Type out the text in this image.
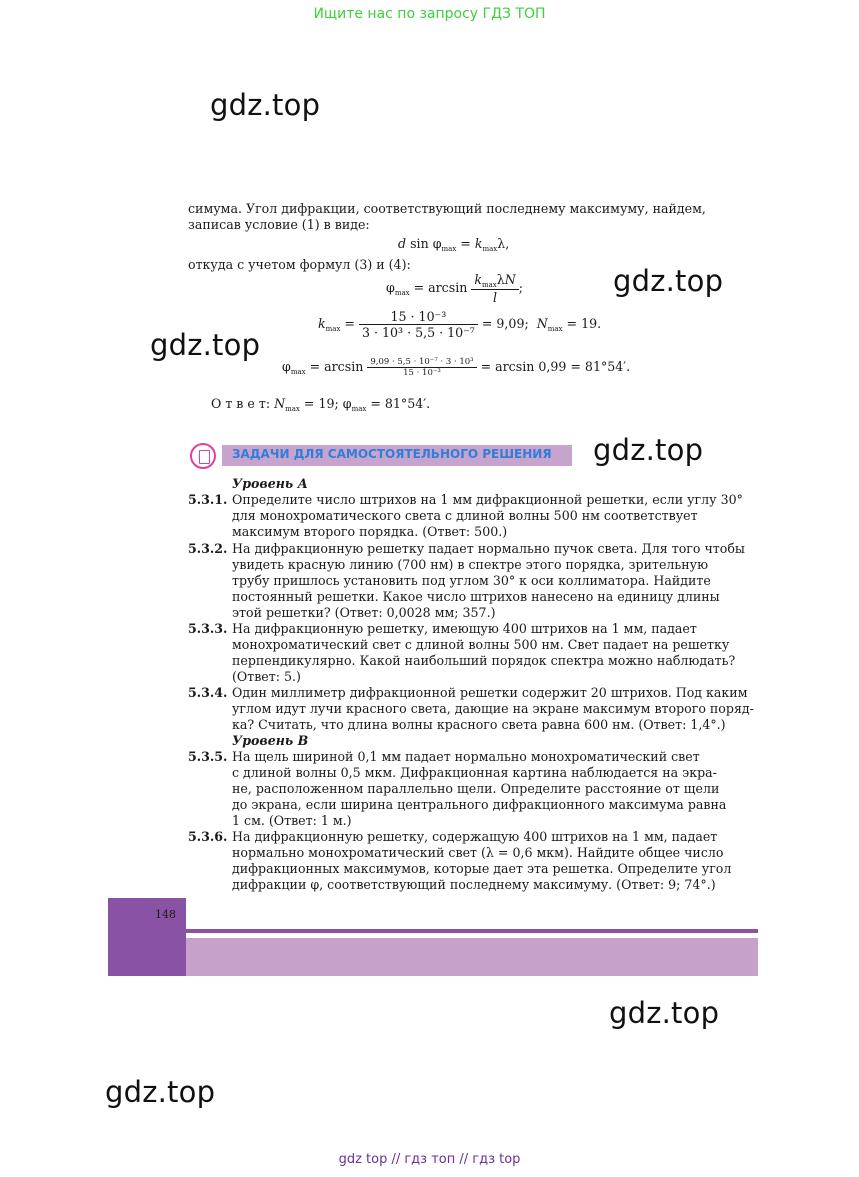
Ищите нас по запросу ГДЗ ТОП
gdz.top
gdz.top
gdz.top
gdz.top
gdz.top
gdz.top
симума. Угол дифракции, соответствующий последнему максимуму, найдем,
записав условие (1) в виде:
d $\sin \varphi_{max} = k_{max}\lambda$,
откуда с учетом формул (3) и (4):
$\varphi_{max} = \arcsin \frac{k_{max}\lambda N}{l}$ ;
$k_{max} = \frac{\text{15 · 10⁻³}}{\text{3 · 10³ · 5,5 · 10⁻⁷}} = 9,09$; $N_{max} = 19$.
$\varphi_{max} = \arcsin \frac{\text{9,09 · 5,5 · 10⁻⁷ · 3 · 10³}}{\text{15 · 10⁻³}} = \arcsin 0,99 = 81^\circ 54'$.
О т в е т: $N_{max} = 19$; $\varphi_{max} = 81^\circ 54'$.
ЗАДАЧИ ДЛЯ САМОСТОЯТЕЛЬНОГО РЕШЕНИЯ
Уровень А
5.3.1. Определите число штрихов на 1 мм дифракционной решетки, если углу 30°
для монохроматического света с длиной волны 500 нм соответствует
максимум второго порядка. (Ответ: 500.)
5.3.2. На дифракционную решетку падает нормально пучок света. Для того чтобы
увидеть красную линию (700 нм) в спектре этого порядка, зрительную
трубу пришлось установить под углом 30° к оси коллиматора. Найдите
постоянный решетки. Какое число штрихов нанесено на единицу длины
этой решетки? (Ответ: 0,0028 мм; 357.)
5.3.3. На дифракционную решетку, имеющую 400 штрихов на 1 мм, падает
монохроматический свет с длиной волны 500 нм. Свет падает на решетку
перпендикулярно. Какой наибольший порядок спектра можно наблюдать?
(Ответ: 5.)
5.3.4. Один миллиметр дифракционной решетки содержит 20 штрихов. Под каким
углом идут лучи красного света, дающие на экране максимум второго поряд-
ка? Считать, что длина волны красного света равна 600 нм. (Ответ: 1,4°.)
Уровень В
5.3.5. На щель шириной 0,1 мм падает нормально монохроматический свет
с длиной волны 0,5 мкм. Дифракционная картина наблюдается на экра-
не, расположенном параллельно щели. Определите расстояние от щели
до экрана, если ширина центрального дифракционного максимума равна
1 см. (Ответ: 1 м.)
5.3.6. На дифракционную решетку, содержащую 400 штрихов на 1 мм, падает
нормально монохроматический свет (λ = 0,6 мкм). Найдите общее число
дифракционных максимумов, которые дает эта решетка. Определите угол
дифракции φ, соответствующий последнему максимуму. (Ответ: 9; 74°.)
148
gdz top // гдз топ // гдз top
